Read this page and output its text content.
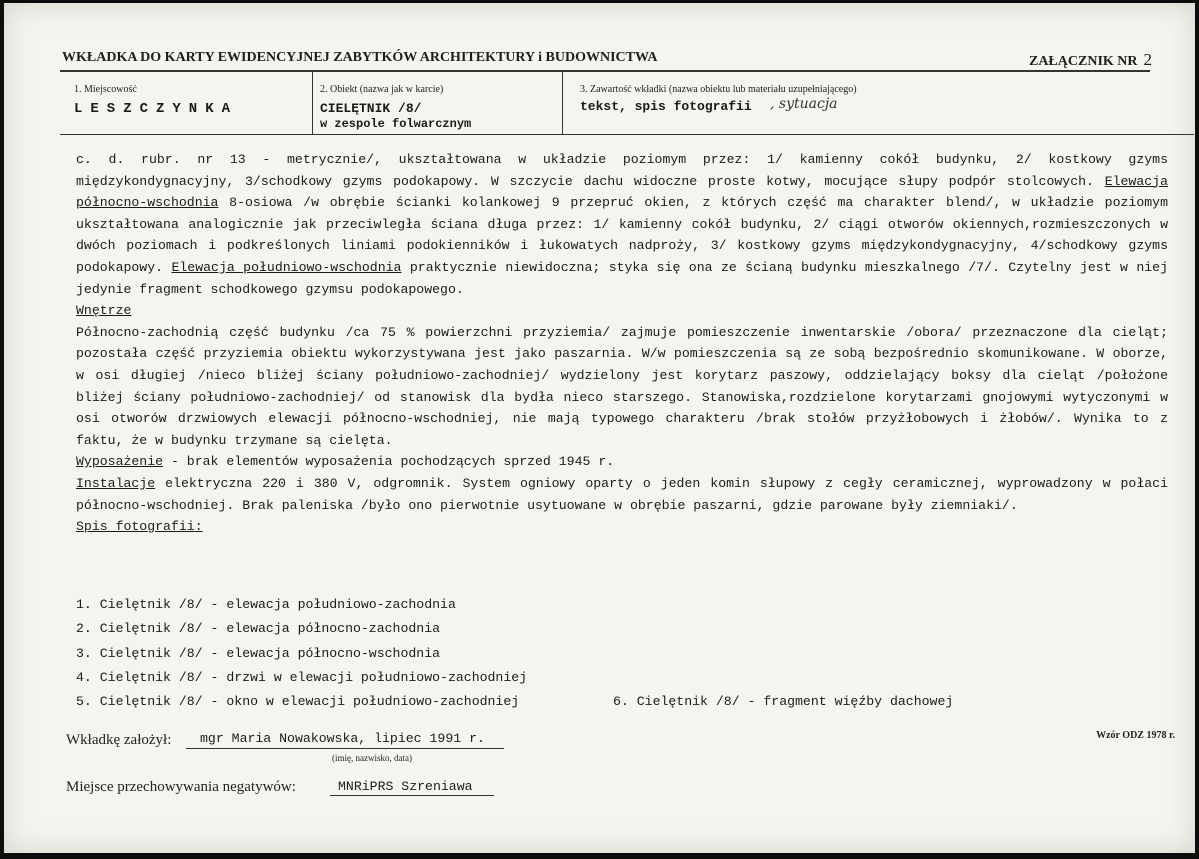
WKŁADKA DO KARTY EWIDENCYJNEJ ZABYTKÓW ARCHITEKTURY i BUDOWNICTWA	ZAŁĄCZNIK NR 2
1. Miejscowość
LESZCZYNKA
2. Obiekt (nazwa jak w karcie)
CIELĘTNIK /8/
w zespole folwarcznym
3. Zawartość wkładki (nazwa obiektu lub materiału uzupełniającego)
tekst, spis fotografii , sytuacja

c. d. rubr. nr 13 - metrycznie/, ukształtowana w układzie poziomym przez: 1/ kamienny cokół budynku, 2/ kostkowy gzyms międzykondygnacyjny, 3/schodkowy gzyms podokapowy. W szczycie dachu widoczne proste kotwy, mocujące słupy podpór stolcowych. Elewacja północno-wschodnia 8-osiowa /w obrębie ścianki kolankowej 9 przepruć okien, z których część ma charakter blend/, w układzie poziomym ukształtowana analogicznie jak przeciwległa ściana długa przez: 1/ kamienny cokół budynku, 2/ ciągi otworów okiennych,rozmieszczonych w dwóch poziomach i podkreślonych liniami podokienników i łukowatych nadproży, 3/ kostkowy gzyms międzykondygnacyjny, 4/schodkowy gzyms podokapowy. Elewacja południowo-wschodnia praktycznie niewidoczna; styka się ona ze ścianą budynku mieszkalnego /7/. Czytelny jest w niej jedynie fragment schodkowego gzymsu podokapowego.

Wnętrze

Północno-zachodnią część budynku /ca 75 % powierzchni przyziemia/ zajmuje pomieszczenie inwentarskie /obora/ przeznaczone dla cieląt; pozostała część przyziemia obiektu wykorzystywana jest jako paszarnia. W/w pomieszczenia są ze sobą bezpośrednio skomunikowane. W oborze, w osi długiej /nieco bliżej ściany południowo-zachodniej/ wydzielony jest korytarz paszowy, oddzielający boksy dla cieląt /położone bliżej ściany południowo-zachodniej/ od stanowisk dla bydła nieco starszego. Stanowiska,rozdzielone korytarzami gnojowymi wytyczonymi w osi otworów drzwiowych elewacji północno-wschodniej, nie mają typowego charakteru /brak stołów przyżłobowych i żłobów/. Wynika to z faktu, że w budynku trzymane są cielęta.

Wyposażenie - brak elementów wyposażenia pochodzących sprzed 1945 r.

Instalacje elektryczna 220 i 380 V, odgromnik. System ogniowy oparty o jeden komin słupowy z cegły ceramicznej, wyprowadzony w połaci północno-wschodniej. Brak paleniska /było ono pierwotnie usytuowane w obrębie paszarni, gdzie parowane były ziemniaki/.

Spis fotografii:

1. Cielętnik /8/ - elewacja południowo-zachodnia
2. Cielętnik /8/ - elewacja północno-zachodnia
3. Cielętnik /8/ - elewacja północno-wschodnia
4. Cielętnik /8/ - drzwi w elewacji południowo-zachodniej
5. Cielętnik /8/ - okno w elewacji południowo-zachodniej	6. Cielętnik /8/ - fragment więźby dachowej
Wkładkę założył: mgr Maria Nowakowska, lipiec 1991 r.
(imię, nazwisko, data)
Wzór ODZ 1978 r.
Miejsce przechowywania negatywów:	MNRiPRS Szreniawa
